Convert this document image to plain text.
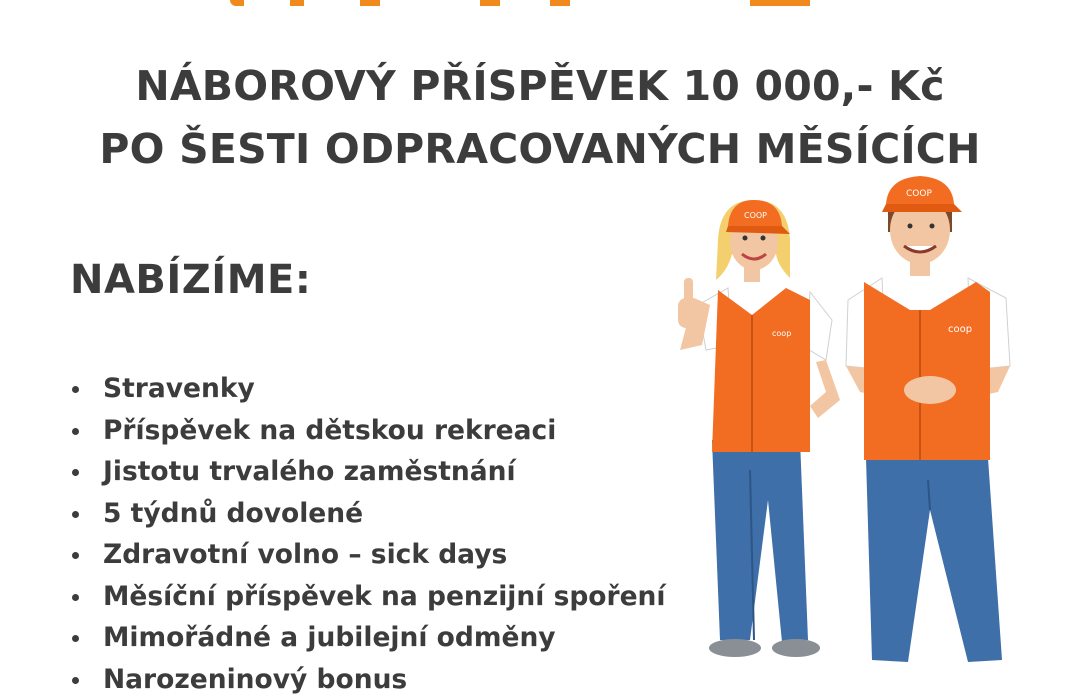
NÁBOROVÝ PŘÍSPĚVEK 10 000,- Kč
PO ŠESTI ODPRACOVANÝCH MĚSÍCÍCH
NABÍZÍME:
Stravenky
Příspěvek na dětskou rekreaci
Jistotu trvalého zaměstnání
5 týdnů dovolené
Zdravotní volno – sick days
Měsíční příspěvek na penzijní spoření
Mimořádné a jubilejní odměny
Narozeninový bonus
coop
COOP
coop
COOP
